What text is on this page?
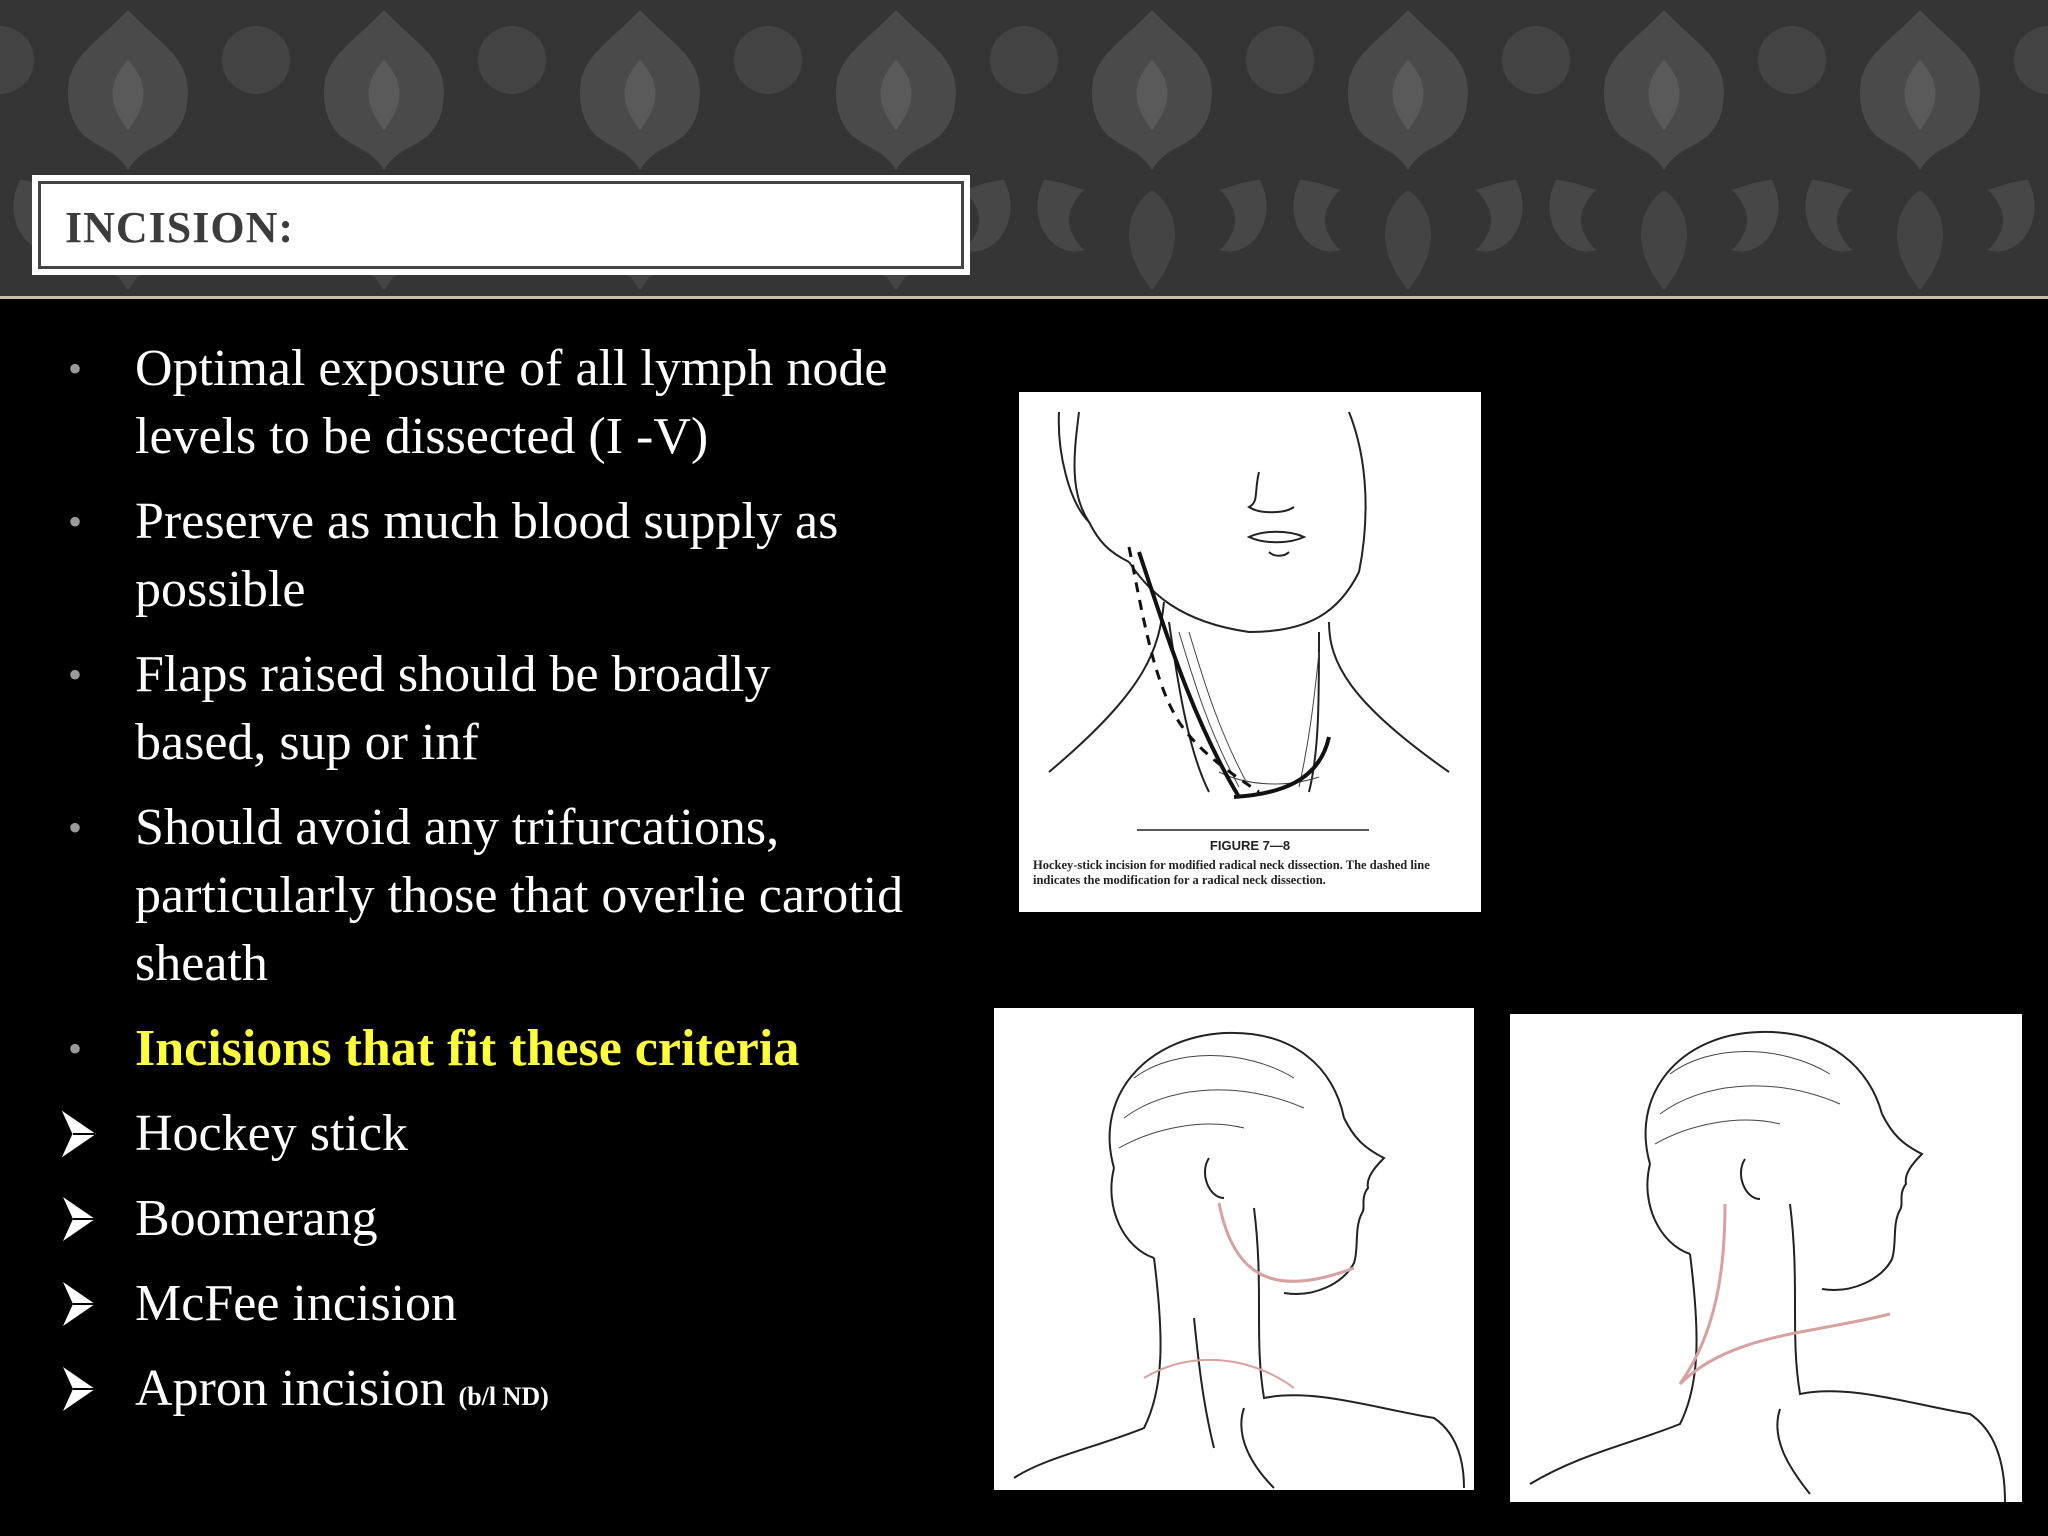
INCISION:
• Optimal exposure of all lymph node
levels to be dissected (I -V)
• Preserve as much blood supply as
possible
• Flaps raised should be broadly
based, sup or inf
• Should avoid any trifurcations,
particularly those that overlie carotid
sheath
• Incisions that fit these criteria
Hockey stick
Boomerang
McFee incision
Apron incision (b/l ND)
FIGURE 7—8
Hockey-stick incision for modified radical neck dissection. The dashed line indicates the modification for a radical neck dissection.
